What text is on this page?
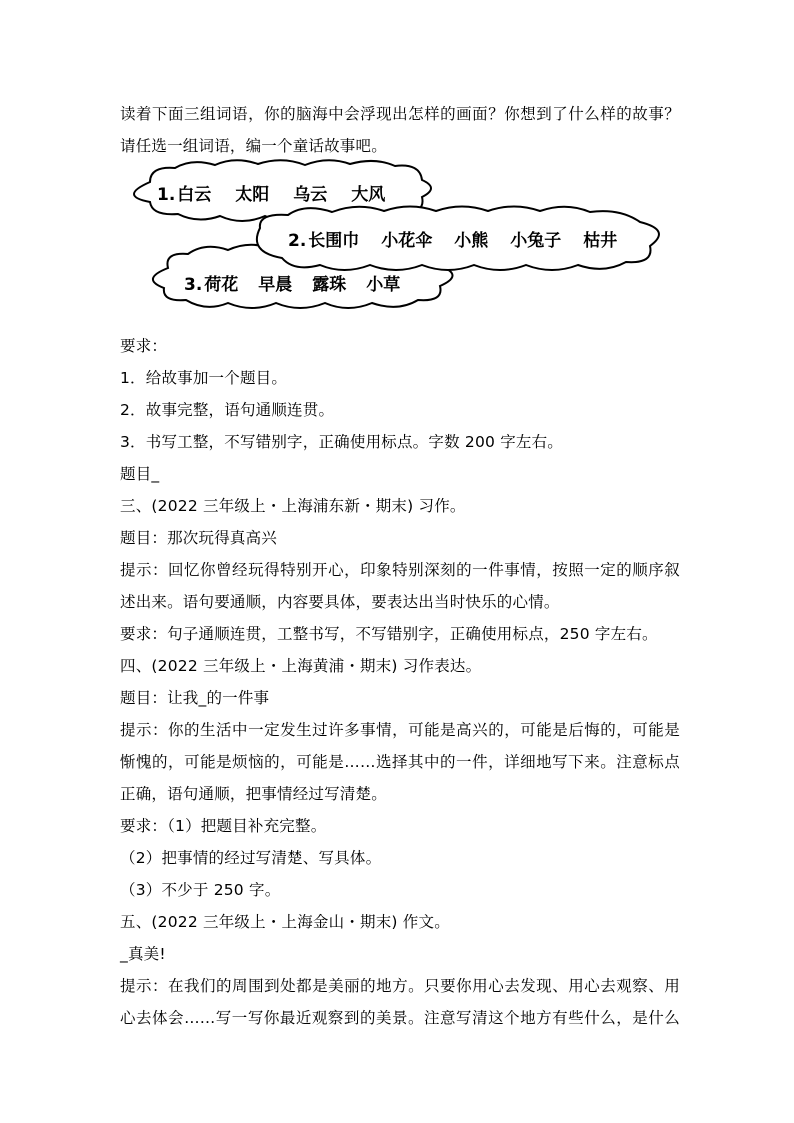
读着下面三组词语，你的脑海中会浮现出怎样的画面？你想到了什么样的故事？
请任选一组词语，编一个童话故事吧。
1. 白云 太阳 乌云 大风
3. 荷花 早晨 露珠 小草
2. 长围巾 小花伞 小熊 小兔子 枯井
要求：
1．给故事加一个题目。
2．故事完整，语句通顺连贯。
3．书写工整，不写错别字，正确使用标点。字数 200 字左右。
题目_
三、(2022 三年级上・上海浦东新・期末) 习作。
题目：那次玩得真高兴
提示：回忆你曾经玩得特别开心，印象特别深刻的一件事情，按照一定的顺序叙
述出来。语句要通顺，内容要具体，要表达出当时快乐的心情。
要求：句子通顺连贯，工整书写，不写错别字，正确使用标点，250 字左右。
四、(2022 三年级上・上海黄浦・期末) 习作表达。
题目：让我_的一件事
提示：你的生活中一定发生过许多事情，可能是高兴的，可能是后悔的，可能是
惭愧的，可能是烦恼的，可能是……选择其中的一件，详细地写下来。注意标点
正确，语句通顺，把事情经过写清楚。
要求：（1）把题目补充完整。
（2）把事情的经过写清楚、写具体。
（3）不少于 250 字。
五、(2022 三年级上・上海金山・期末) 作文。
_真美!
提示：在我们的周围到处都是美丽的地方。只要你用心去发现、用心去观察、用
心去体会……写一写你最近观察到的美景。注意写清这个地方有些什么，是什么
